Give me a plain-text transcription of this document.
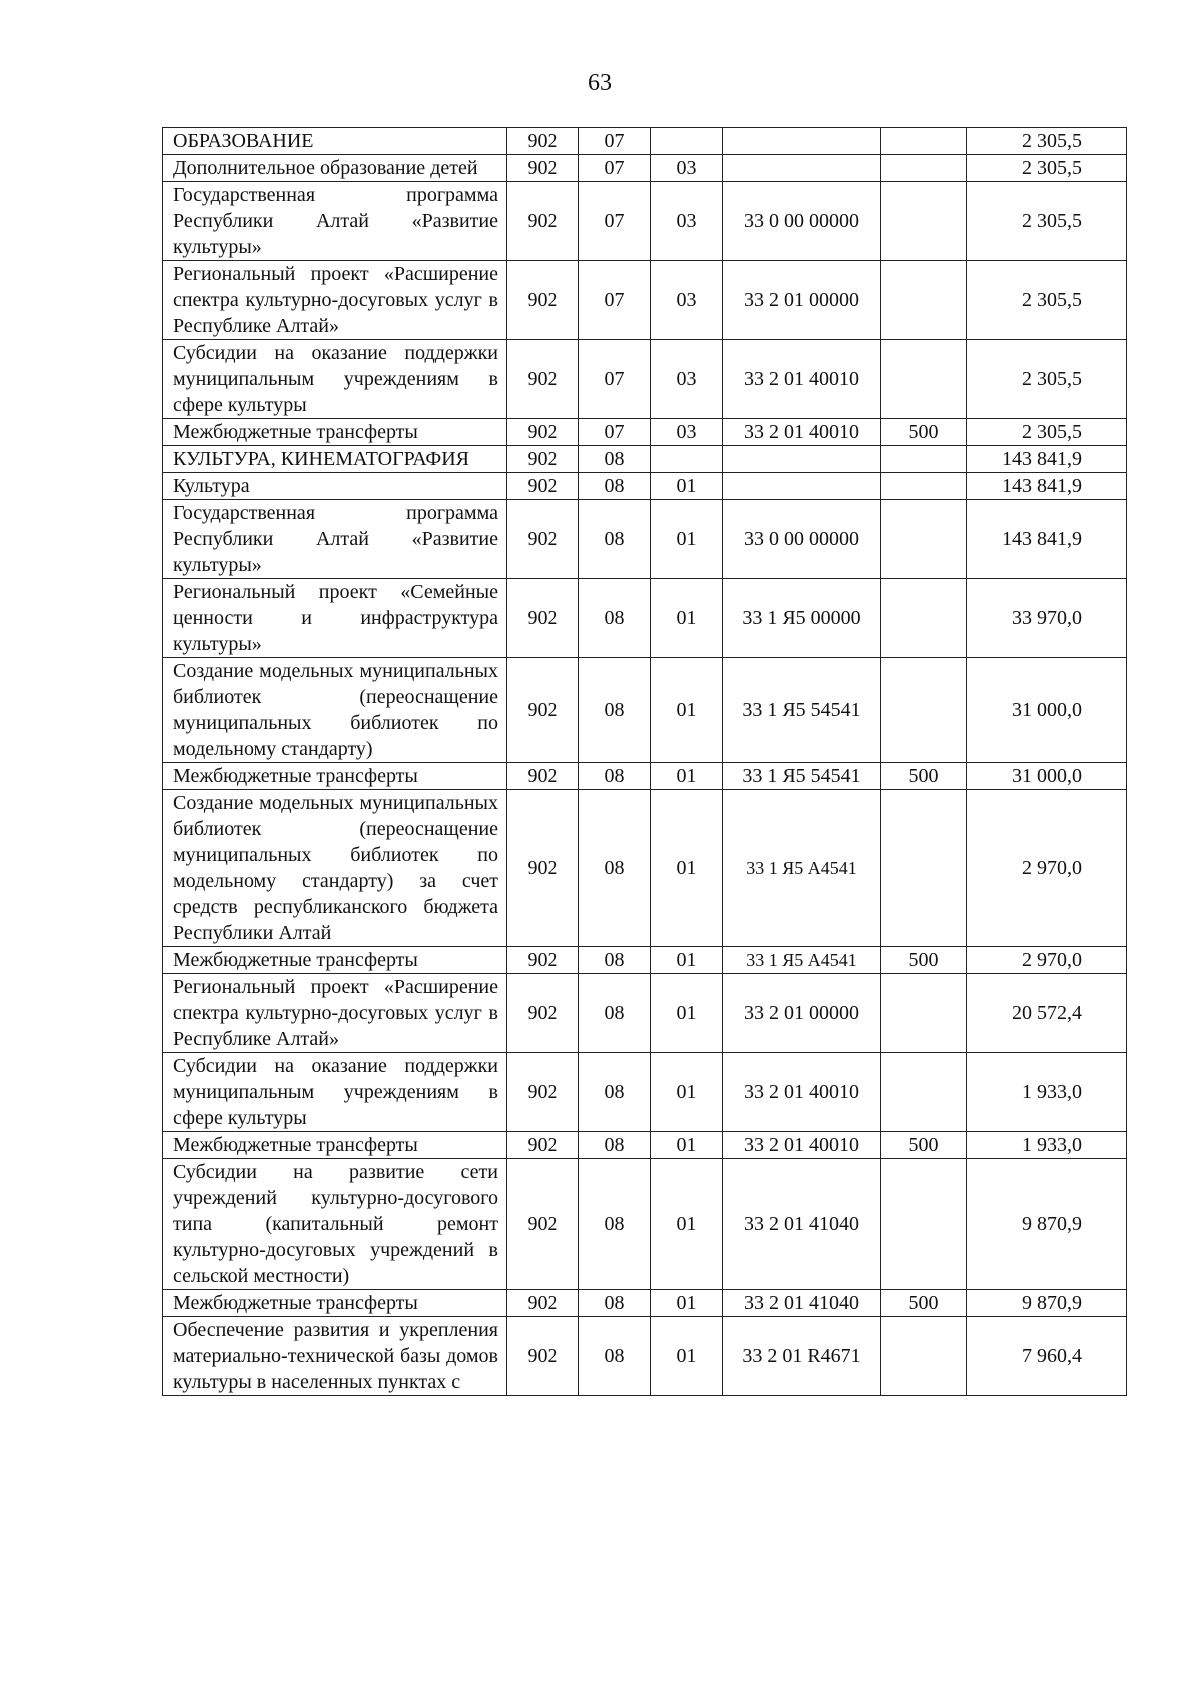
63
ОБРАЗОВАНИЕ	902	07				2 305,5
Дополнительное образование детей	902	07	03			2 305,5
Государственная программа Республики Алтай «Развитие культуры»	902	07	03	33 0 00 00000		2 305,5
Региональный проект «Расширение спектра культурно-досуговых услуг в Республике Алтай»	902	07	03	33 2 01 00000		2 305,5
Субсидии на оказание поддержки муниципальным учреждениям в сфере культуры	902	07	03	33 2 01 40010		2 305,5
Межбюджетные трансферты	902	07	03	33 2 01 40010	500	2 305,5
КУЛЬТУРА, КИНЕМАТОГРАФИЯ	902	08				143 841,9
Культура	902	08	01			143 841,9
Государственная программа Республики Алтай «Развитие культуры»	902	08	01	33 0 00 00000		143 841,9
Региональный проект «Семейные ценности и инфраструктура культуры»	902	08	01	33 1 Я5 00000		33 970,0
Создание модельных муниципальных библиотек (переоснащение муниципальных библиотек по модельному стандарту)	902	08	01	33 1 Я5 54541		31 000,0
Межбюджетные трансферты	902	08	01	33 1 Я5 54541	500	31 000,0
Создание модельных муниципальных библиотек (переоснащение муниципальных библиотек по модельному стандарту) за счет средств республиканского бюджета Республики Алтай	902	08	01	33 1 Я5 А4541		2 970,0
Межбюджетные трансферты	902	08	01	33 1 Я5 А4541	500	2 970,0
Региональный проект «Расширение спектра культурно-досуговых услуг в Республике Алтай»	902	08	01	33 2 01 00000		20 572,4
Субсидии на оказание поддержки муниципальным учреждениям в сфере культуры	902	08	01	33 2 01 40010		1 933,0
Межбюджетные трансферты	902	08	01	33 2 01 40010	500	1 933,0
Субсидии на развитие сети учреждений культурно-досугового типа (капитальный ремонт культурно-досуговых учреждений в сельской местности)	902	08	01	33 2 01 41040		9 870,9
Межбюджетные трансферты	902	08	01	33 2 01 41040	500	9 870,9
Обеспечение развития и укрепления материально-технической базы домов культуры в населенных пунктах с	902	08	01	33 2 01 R4671		7 960,4
